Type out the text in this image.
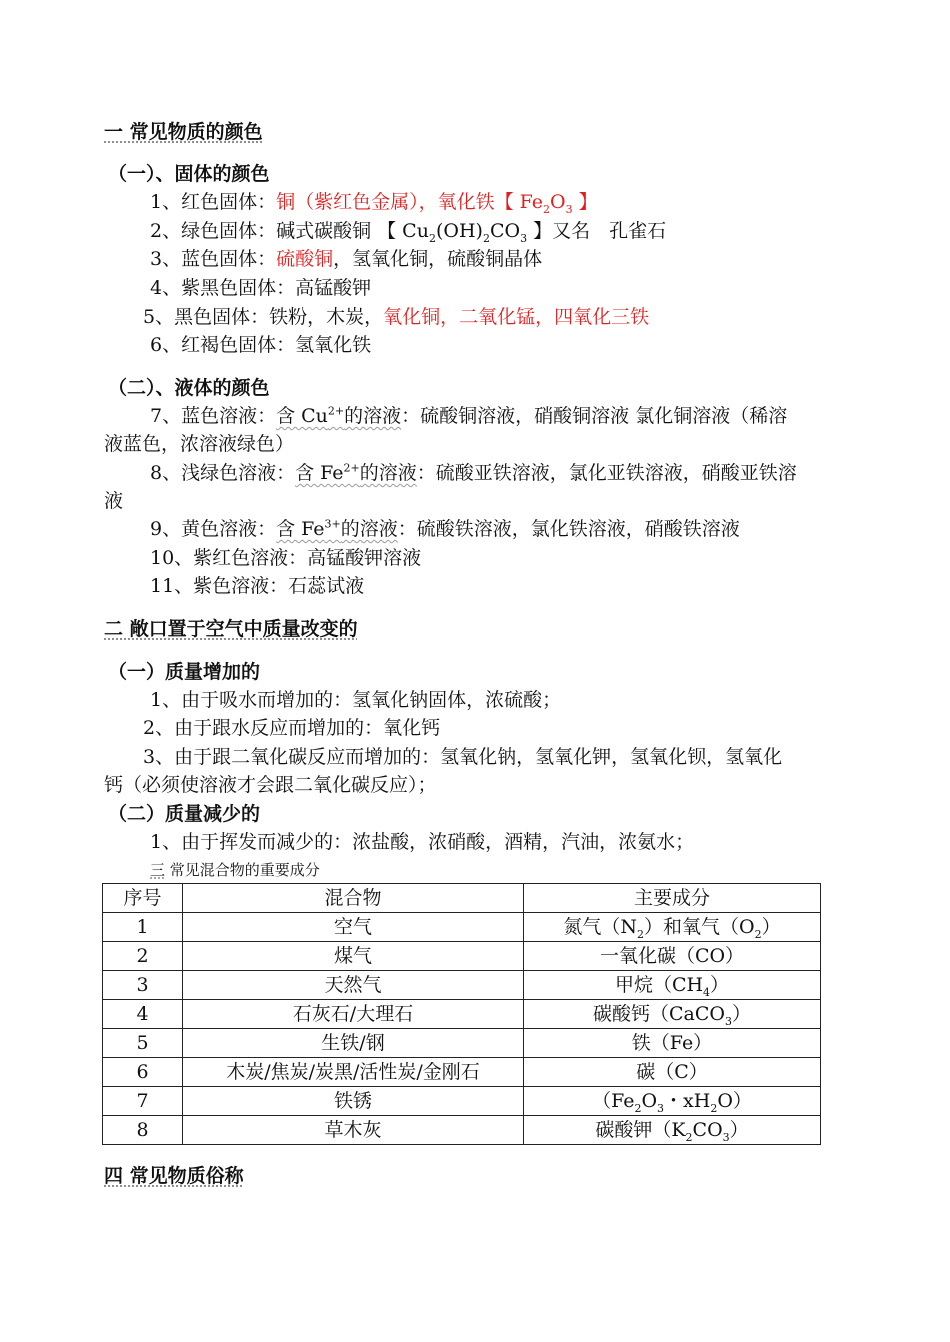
一 常见物质的颜色
（一）、固体的颜色
1、红色固体：铜（紫红色金属），氧化铁【 $Fe_2O_3$ 】
2、绿色固体：碱式碳酸铜 【 $Cu_2(OH)_2CO_3$ 】又名　孔雀石
3、蓝色固体：硫酸铜，氢氧化铜，硫酸铜晶体
4、紫黑色固体：高锰酸钾
5、黑色固体：铁粉，木炭，氧化铜，二氧化锰，四氧化三铁
6、红褐色固体：氢氧化铁
（二）、液体的颜色
7、蓝色溶液：含 $Cu^{2+}$的溶液：硫酸铜溶液，硝酸铜溶液 氯化铜溶液（稀溶
液蓝色，浓溶液绿色）
8、浅绿色溶液：含 $Fe^{2+}$的溶液：硫酸亚铁溶液，氯化亚铁溶液，硝酸亚铁溶
液
9、黄色溶液：含 $Fe^{3+}$的溶液：硫酸铁溶液，氯化铁溶液，硝酸铁溶液
10、紫红色溶液：高锰酸钾溶液
11、紫色溶液：石蕊试液
二 敞口置于空气中质量改变的
（一）质量增加的
1、由于吸水而增加的：氢氧化钠固体，浓硫酸；
2、由于跟水反应而增加的：氧化钙
3、由于跟二氧化碳反应而增加的：氢氧化钠，氢氧化钾，氢氧化钡，氢氧化
钙（必须使溶液才会跟二氧化碳反应）；
（二）质量减少的
1、由于挥发而减少的：浓盐酸，浓硝酸，酒精，汽油，浓氨水；
三 常见混合物的重要成分
序号	混合物	主要成分
1	空气	氮气$(N_2)$和氧气$(O_2)$
2	煤气	一氧化碳（CO）
3	天然气	甲烷$(CH_4)$
4	石灰石/大理石	碳酸钙（CaCO$_3$）
5	生铁/钢	铁（Fe）
6	木炭/焦炭/炭黑/活性炭/金刚石	碳（C）
7	铁锈	（$Fe_2O_3$・$xH_2O$）
8	草木灰	碳酸钾$(K_2CO_3)$
四 常见物质俗称
